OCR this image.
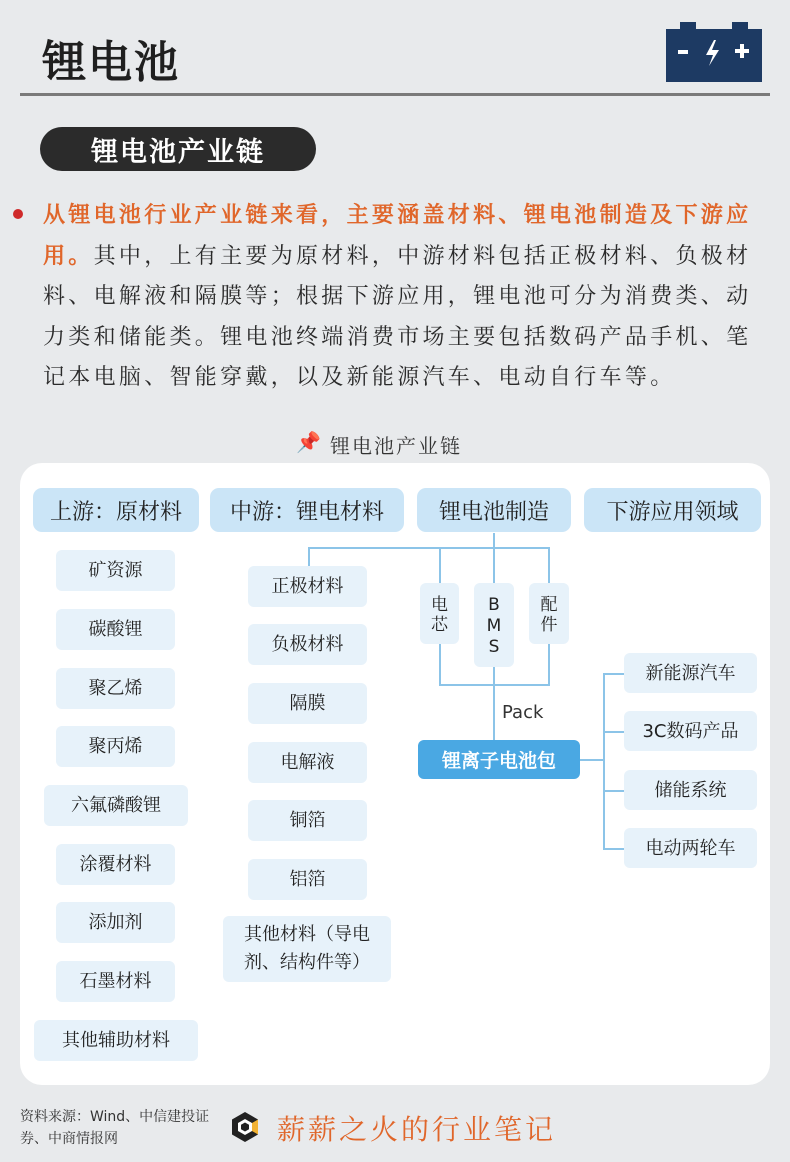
锂电池
锂电池产业链

从锂电池行业产业链来看，主要涵盖材料、锂电池制造及下游应用。其中，上有主要为原材料，中游材料包括正极材料、负极材料、电解液和隔膜等；根据下游应用，锂电池可分为消费类、动力类和储能类。锂电池终端消费市场主要包括数码产品手机、笔记本电脑、智能穿戴，以及新能源汽车、电动自行车等。

📌 锂电池产业链
上游：原材料	中游：锂电材料	锂电池制造	下游应用领域
矿资源
碳酸锂
聚乙烯
聚丙烯
六氟磷酸锂
涂覆材料
添加剂
石墨材料
其他辅助材料
正极材料
负极材料
隔膜
电解液
铜箔
铝箔
其他材料（导电剂、结构件等）
电
芯
B
M
S
配
件
Pack
锂离子电池包
新能源汽车
3C数码产品
储能系统
电动两轮车
资料来源：Wind、中信建投证券、中商情报网	薪薪之火的行业笔记
